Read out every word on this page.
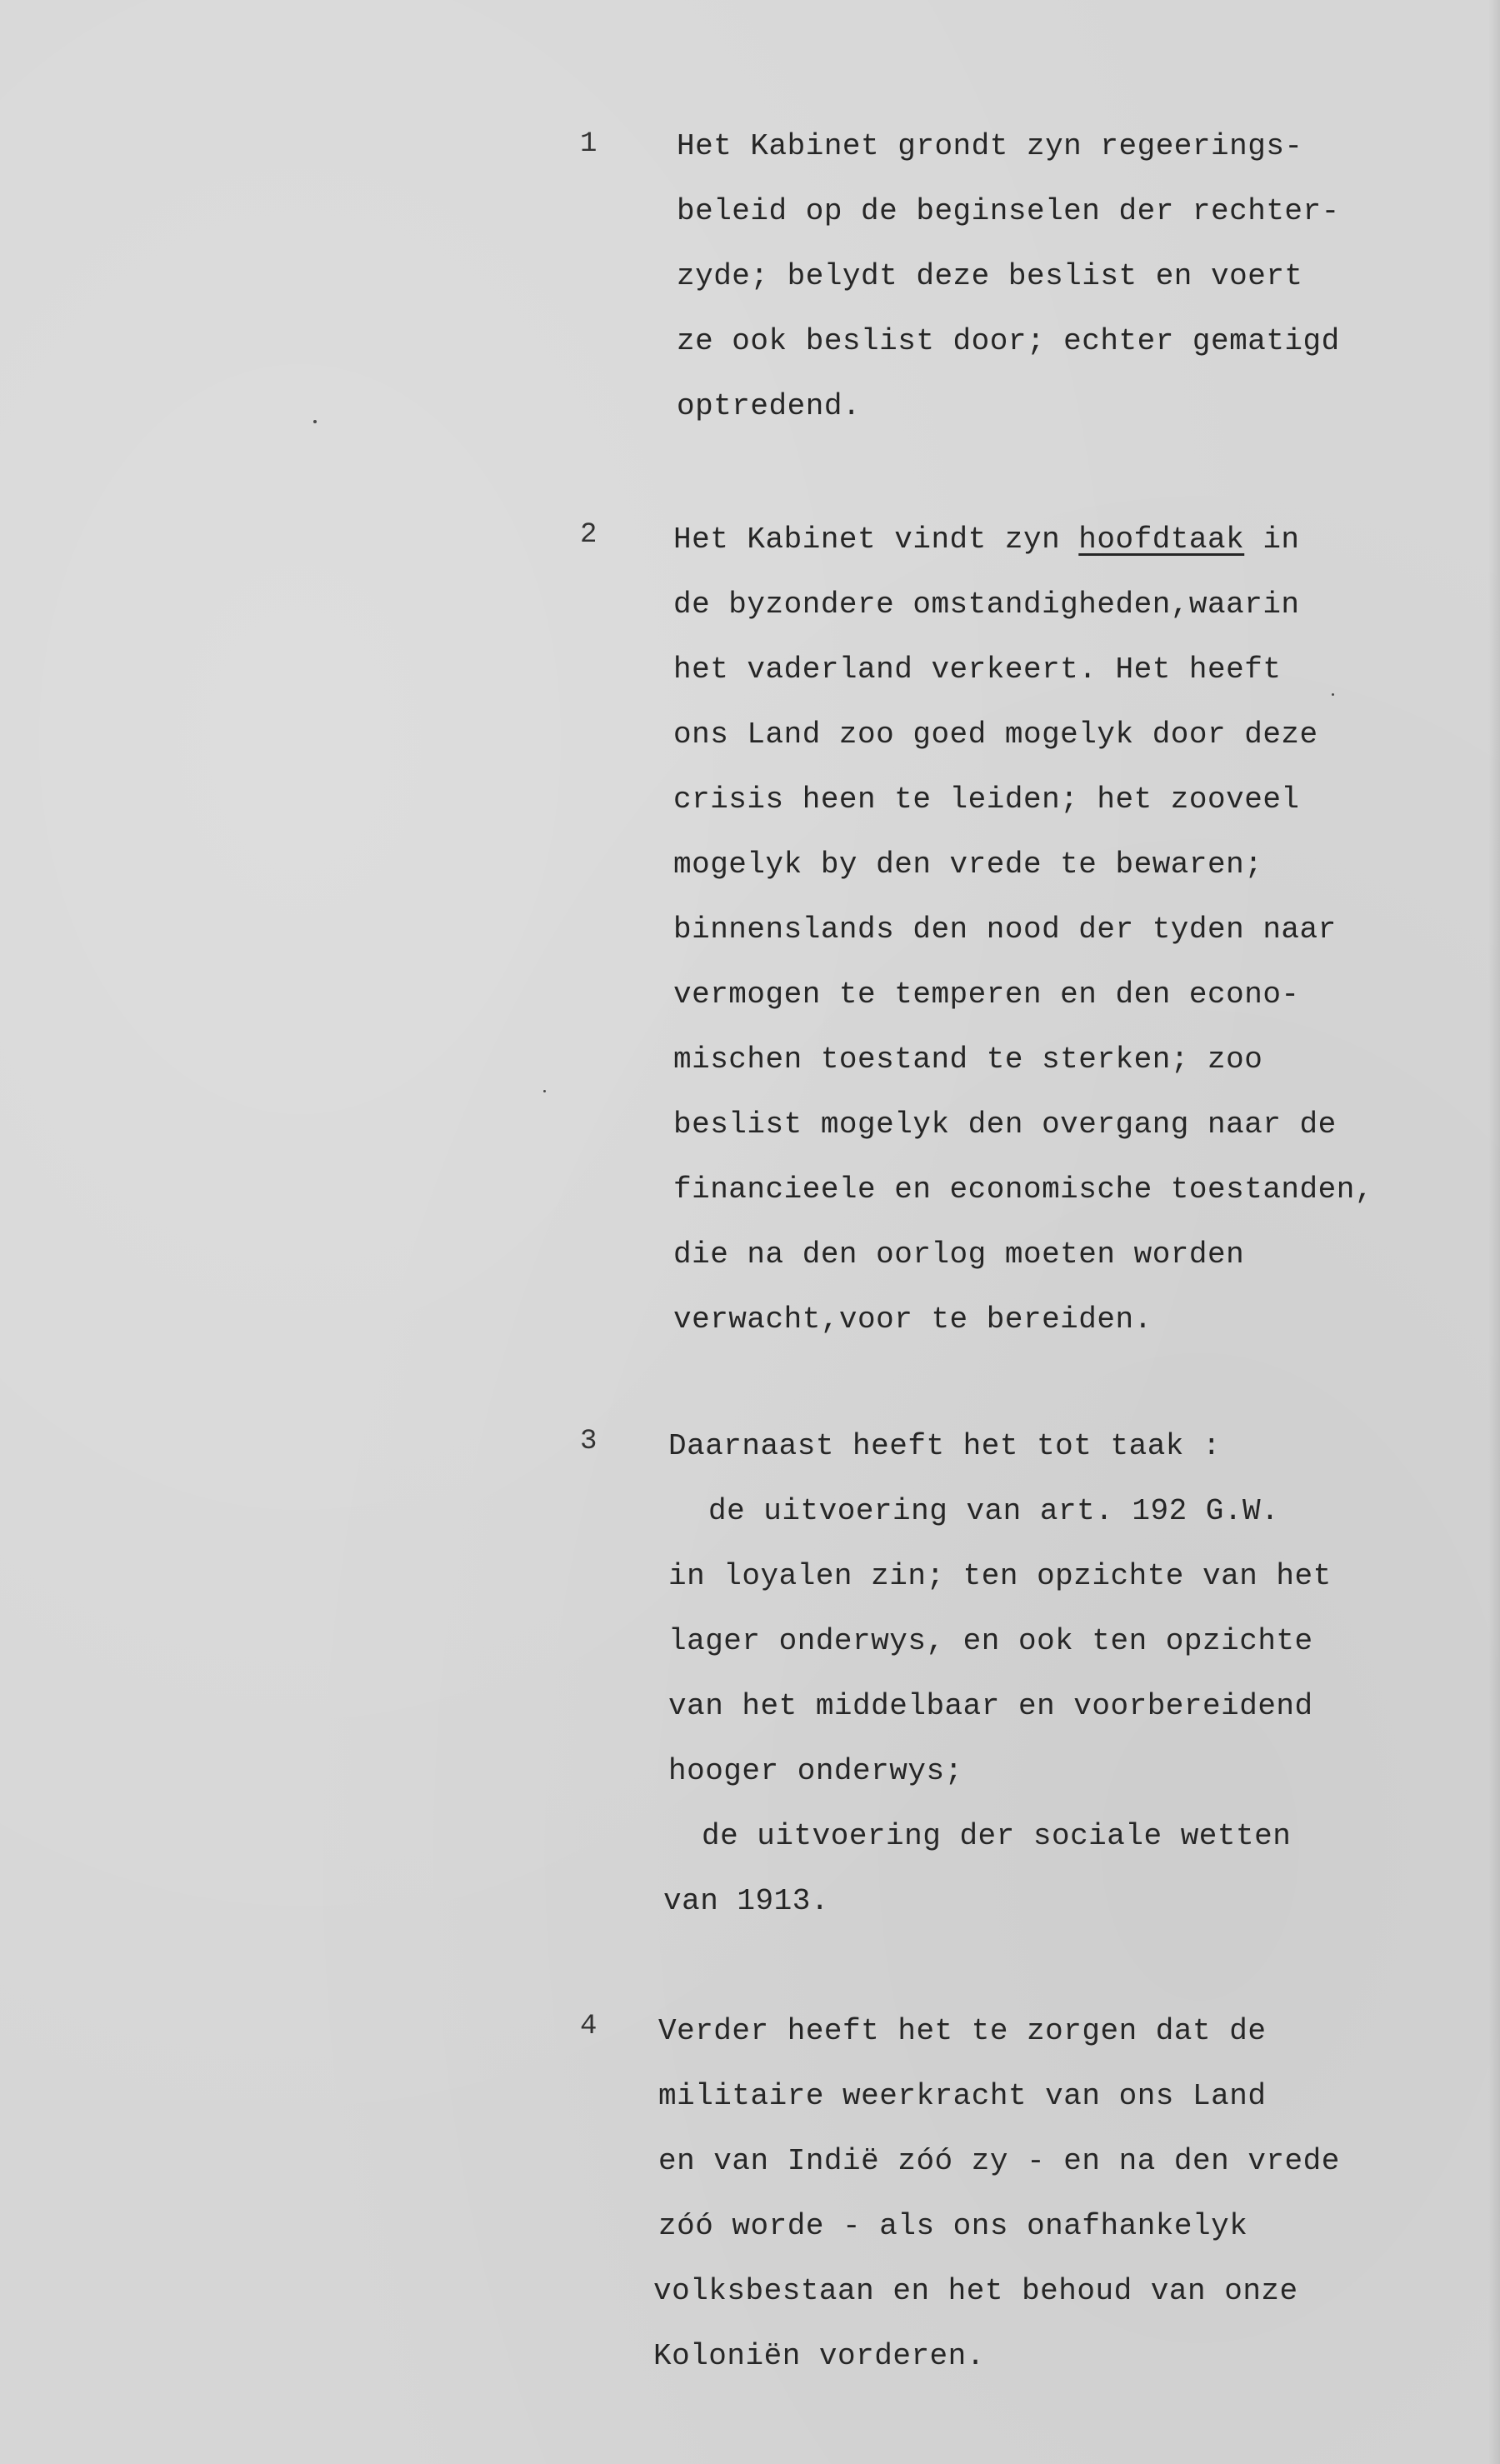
1	Het Kabinet grondt zyn regeerings-
beleid op de beginselen der rechter-
zyde; belydt deze beslist en voert
ze ook beslist door; echter gematigd
optredend.
2	Het Kabinet vindt zyn hoofdtaak in
de byzondere omstandigheden,waarin
het vaderland verkeert. Het heeft
ons Land zoo goed mogelyk door deze
crisis heen te leiden; het zooveel
mogelyk by den vrede te bewaren;
binnenslands den nood der tyden naar
vermogen te temperen en den econo-
mischen toestand te sterken; zoo
beslist mogelyk den overgang naar de
financieele en economische toestanden,
die na den oorlog moeten worden
verwacht,voor te bereiden.
3 Daarnaast heeft het tot taak :
de uitvoering van art. 192 G.W.
in loyalen zin; ten opzichte van het
lager onderwys, en ook ten opzichte
van het middelbaar en voorbereidend
hooger onderwys;
de uitvoering der sociale wetten
van 1913.
4 Verder heeft het te zorgen dat de
militaire weerkracht van ons Land
en van Indië zóó zy - en na den vrede
zóó worde - als ons onafhankelyk
volksbestaan en het behoud van onze
Koloniën vorderen.
